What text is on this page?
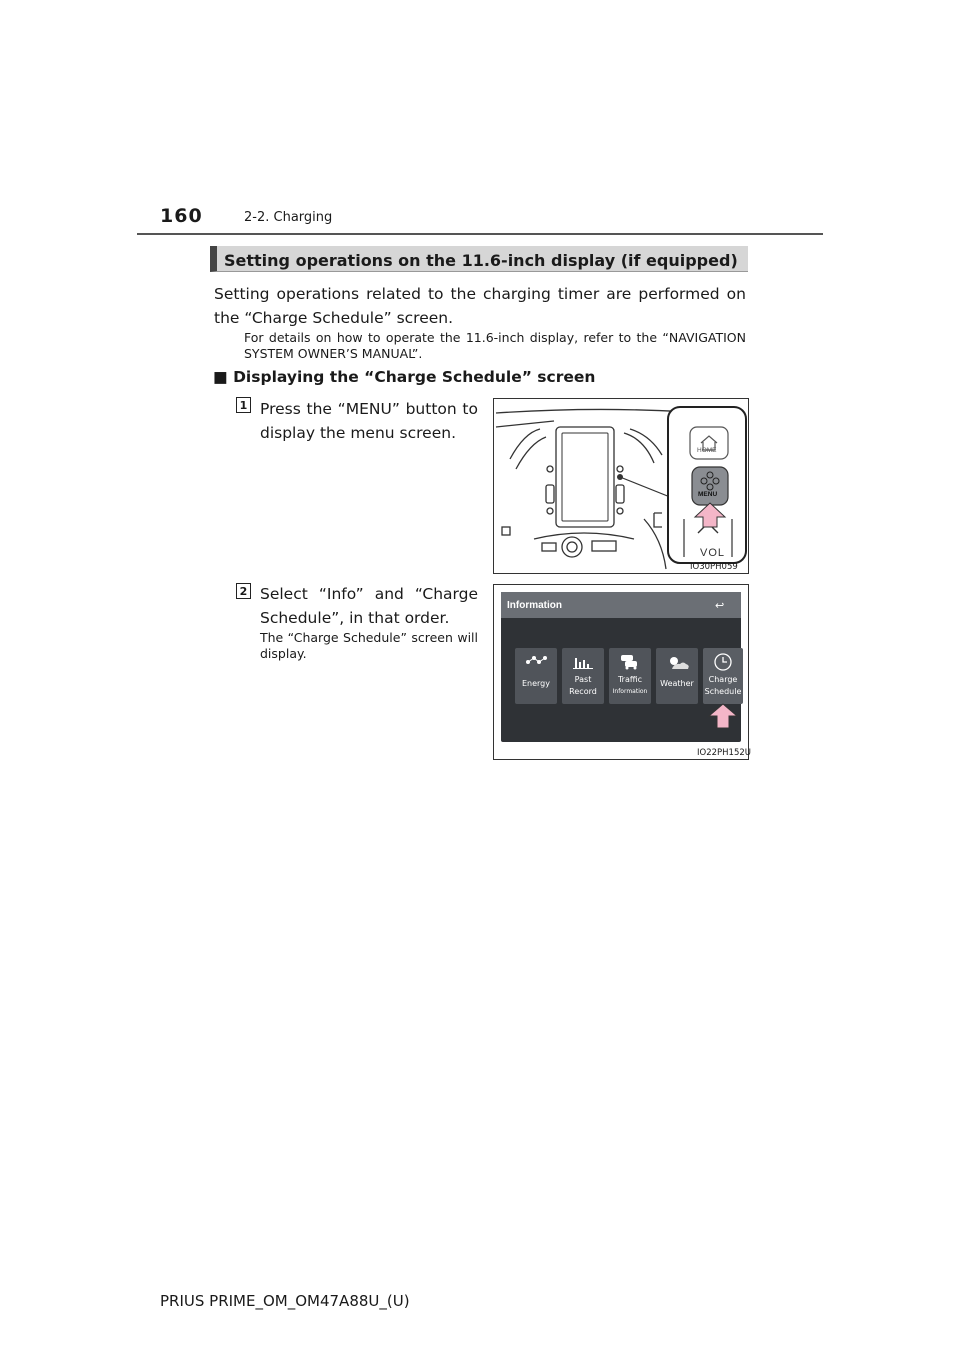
160	2-2. Charging
Setting operations on the 11.6-inch display (if equipped)
Setting operations related to the charging timer are performed on the “Charge Schedule” screen.
For details on how to operate the 11.6-inch display, refer to the “NAVIGATION SYSTEM OWNER’S MANUAL”.
■ Displaying the “Charge Schedule” screen
1 Press the “MENU” button to display the menu screen.
HOME
MENU
VOL
IO30PH059
2 Select “Info” and “Charge Schedule”, in that order.
The “Charge Schedule” screen will display.
Information	↩
Energy	Past
Record
Traffic
Information
Weather	Charge
Schedule
IO22PH152U
PRIUS PRIME_OM_OM47A88U_(U)
